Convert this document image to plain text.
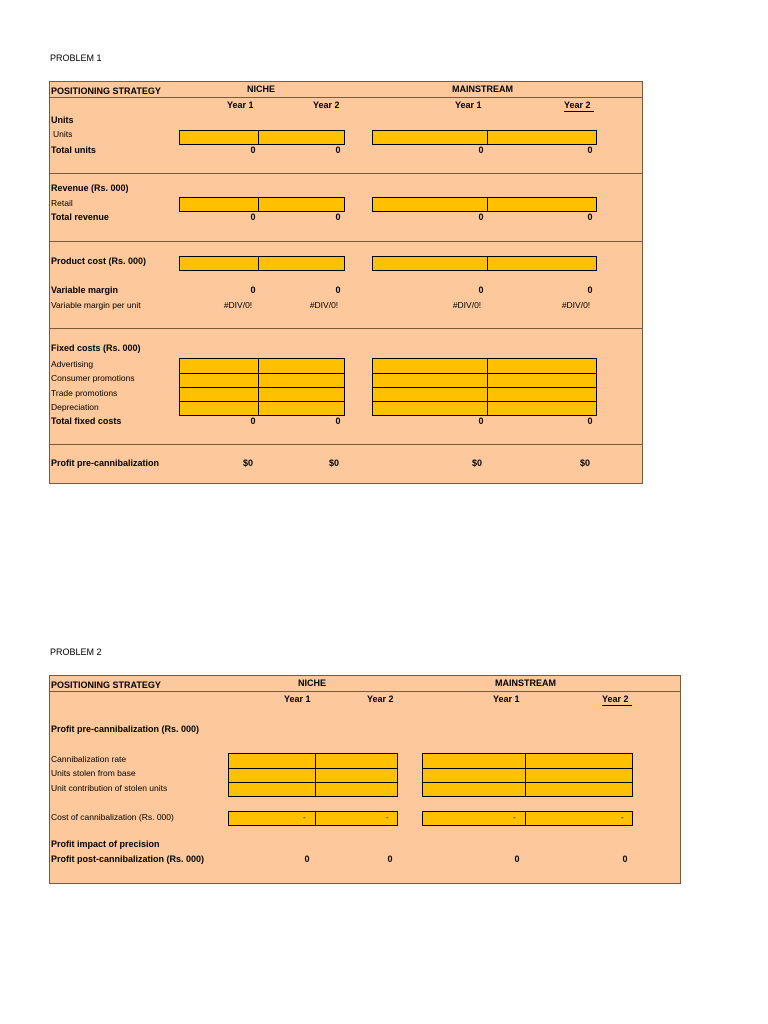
PROBLEM 1
POSITIONING STRATEGY	NICHE	MAINSTREAM
Year 1	Year 2	Year 1	Year 2
Units
Units
Total units	0	0	0	0
Revenue (Rs. 000)
Retail
Total revenue	0	0	0	0
Product cost (Rs. 000)
Variable margin	0	0	0	0
Variable margin per unit	#DIV/0!	#DIV/0!	#DIV/0!	#DIV/0!
Fixed costs (Rs. 000)
Advertising
Consumer promotions
Trade promotions
Depreciation
Total fixed costs	0	0	0	0
Profit pre-cannibalization	$0	$0	$0	$0
PROBLEM 2
POSITIONING STRATEGY	NICHE	MAINSTREAM
Year 1	Year 2	Year 1	Year 2
Profit pre-cannibalization (Rs. 000)
Cannibalization rate
Units stolen from base
Unit contribution of stolen units
Cost of cannibalization (Rs. 000)	-	-	-	-
Profit impact of precision
Profit post-cannibalization (Rs. 000)	0	0	0	0
